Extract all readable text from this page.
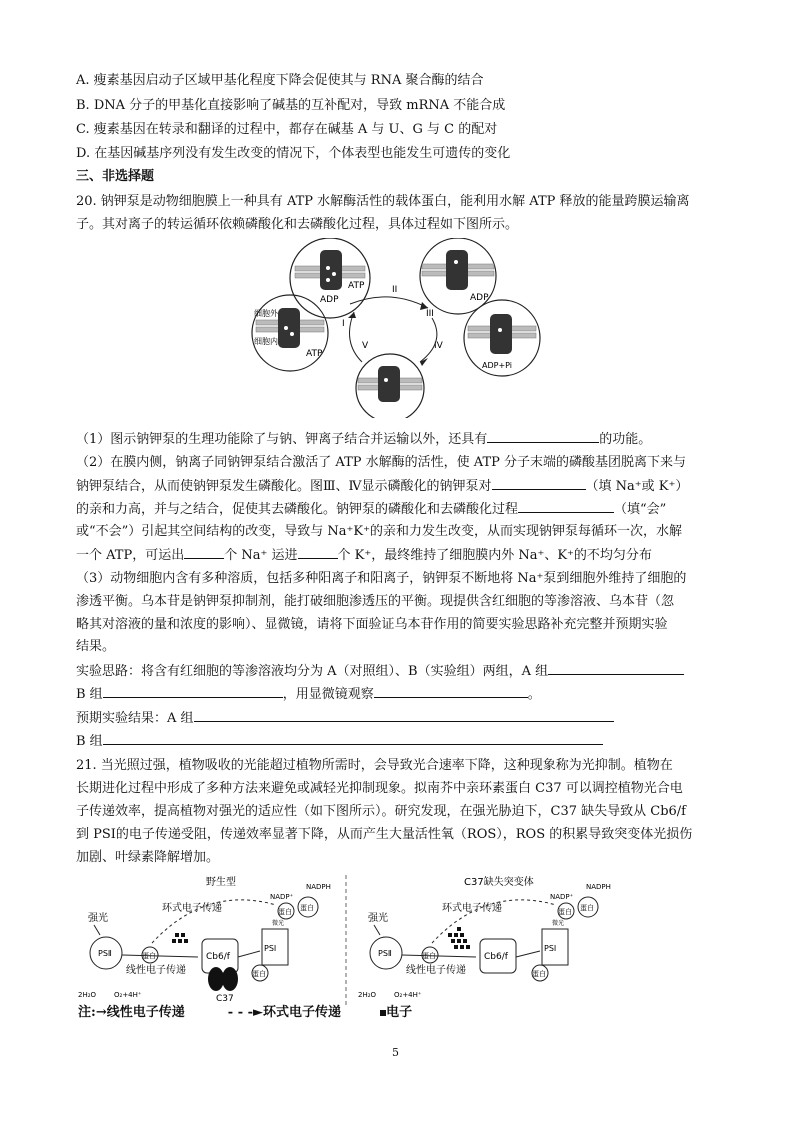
A. 瘦素基因启动子区域甲基化程度下降会促使其与 RNA 聚合酶的结合
B. DNA 分子的甲基化直接影响了碱基的互补配对，导致 mRNA 不能合成
C. 瘦素基因在转录和翻译的过程中，都存在碱基 A 与 U、G 与 C 的配对
D. 在基因碱基序列没有发生改变的情况下，个体表型也能发生可遗传的变化
三、非选择题
20. 钠钾泵是动物细胞膜上一种具有 ATP 水解酶活性的载体蛋白，能利用水解 ATP 释放的能量跨膜运输离
子。其对离子的转运循环依赖磷酸化和去磷酸化过程，具体过程如下图所示。
ADP
ATP
ADP
细胞外
细胞内
ATP
ADP+Pi
I
II
III
IV
V
（1）图示钠钾泵的生理功能除了与钠、钾离子结合并运输以外，还具有	的功能。
（2）在膜内侧，钠离子同钠钾泵结合激活了 ATP 水解酶的活性，使 ATP 分子末端的磷酸基团脱离下来与
钠钾泵结合，从而使钠钾泵发生磷酸化。图Ⅲ、Ⅳ显示磷酸化的钠钾泵对	（填 Na⁺或 K⁺）
的亲和力高，并与之结合，促使其去磷酸化。钠钾泵的磷酸化和去磷酸化过程	（填“会”
或“不会”）引起其空间结构的改变，导致与 Na⁺K⁺的亲和力发生改变，从而实现钠钾泵每循环一次，水解
一个 ATP，可运出	个 Na⁺ 运进	个 K⁺，最终维持了细胞膜内外 Na⁺、K⁺的不均匀分布
（3）动物细胞内含有多种溶质，包括多种阳离子和阳离子，钠钾泵不断地将 Na⁺泵到细胞外维持了细胞的
渗透平衡。乌本苷是钠钾泵抑制剂，能打破细胞渗透压的平衡。现提供含红细胞的等渗溶液、乌本苷（忽
略其对溶液的量和浓度的影响）、显微镜，请将下面验证乌本苷作用的简要实验思路补充完整并预期实验
结果。
实验思路：将含有红细胞的等渗溶液均分为 A（对照组）、B（实验组）两组，A 组
B 组	，用显微镜观察	。
预期实验结果：A 组
B 组
21. 当光照过强，植物吸收的光能超过植物所需时，会导致光合速率下降，这种现象称为光抑制。植物在
长期进化过程中形成了多种方法来避免或减轻光抑制现象。拟南芥中亲环素蛋白 C37 可以调控植物光合电
子传递效率，提高植物对强光的适应性（如下图所示）。研究发现，在强光胁迫下，C37 缺失导致从 Cb6/f
到 PSⅠ的电子传递受阻，传递效率显著下降，从而产生大量活性氧（ROS），ROS 的积累导致突变体光损伤
加剧、叶绿素降解增加。
野生型
强光
PSⅡ	Cb6/f
C37
PSⅠ
蛋白
蛋白 蛋白
NADP⁺
NADPH
微光
环式电子传递
线性电子传递
2H₂O	O₂+4H⁺
C37缺失突变体
强光
PSⅡ	Cb6/f
PSⅠ
蛋白
蛋白 蛋白
NADP⁺
NADPH
微光
环式电子传递
线性电子传递
2H₂O	O₂+4H⁺
注:→线性电子传递	- - -►环式电子传递	电子
5
